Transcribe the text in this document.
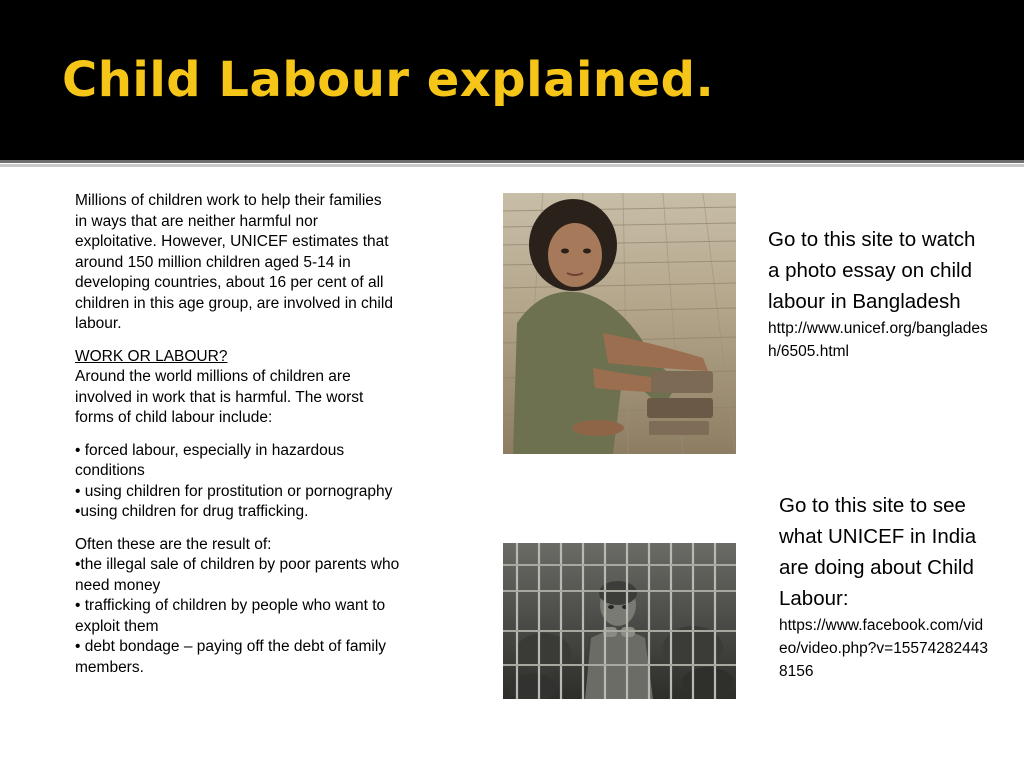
Child Labour explained.

Millions of children work to help their families
in ways that are neither harmful nor
exploitative. However, UNICEF estimates that
around 150 million children aged 5-14 in
developing countries, about 16 per cent of all
children in this age group, are involved in child
labour.

WORK OR LABOUR?
Around the world millions of children are
involved in work that is harmful. The worst
forms of child labour include:

• forced labour, especially in hazardous
conditions
• using children for prostitution or pornography
•using children for drug trafficking.

Often these are the result of:
•the illegal sale of children by poor parents who
need money
• trafficking of children by people who want to
exploit them
• debt bondage – paying off the debt of family
members.

Go to this site to watch a photo essay on child labour in Bangladesh
http://www.unicef.org/bangladesh/6505.html
Go to this site to see what UNICEF in India are doing about Child Labour:
https://www.facebook.com/video/video.php?v=155742824438156
